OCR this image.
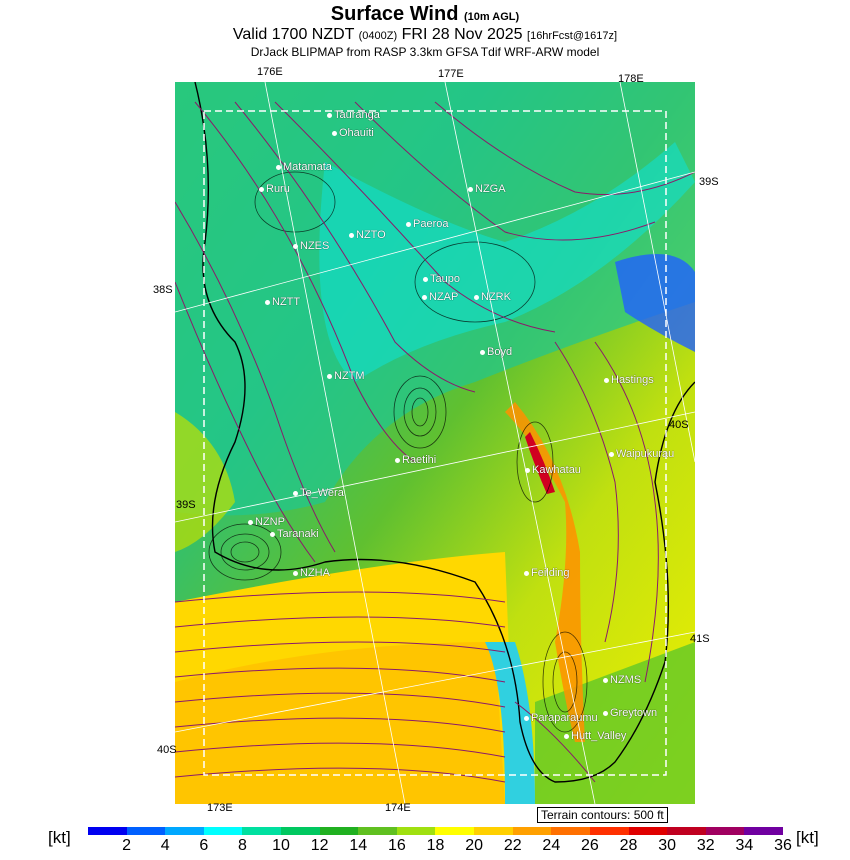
Surface Wind (10m AGL)
Valid 1700 NZDT (0400Z) FRI 28 Nov 2025 [16hrFcst@1617z]
DrJack BLIPMAP from RASP 3.3km GFSA Tdif WRF-ARW model
176E	177E	178E
173E	174E
38S
39S
40S
39S
40S
41S
Tauranga
Ohauiti
Matamata
Ruru	NZGA
Paeroa
NZTO
NZES
Taupo
NZAP	NZRK
NZTT
Boyd
NZTM	Hastings
Raetihi	Waipukurau
Kawhatau
Te_Wera
NZNP
Taranaki
NZHA	Feilding
NZMS
Greytown
Paraparaumu
Hutt_Valley
Terrain contours: 500 ft
[kt]	[kt]
2	4	6	8	10	12	14	16	18	20	22	24	26	28	30	32	34	36
